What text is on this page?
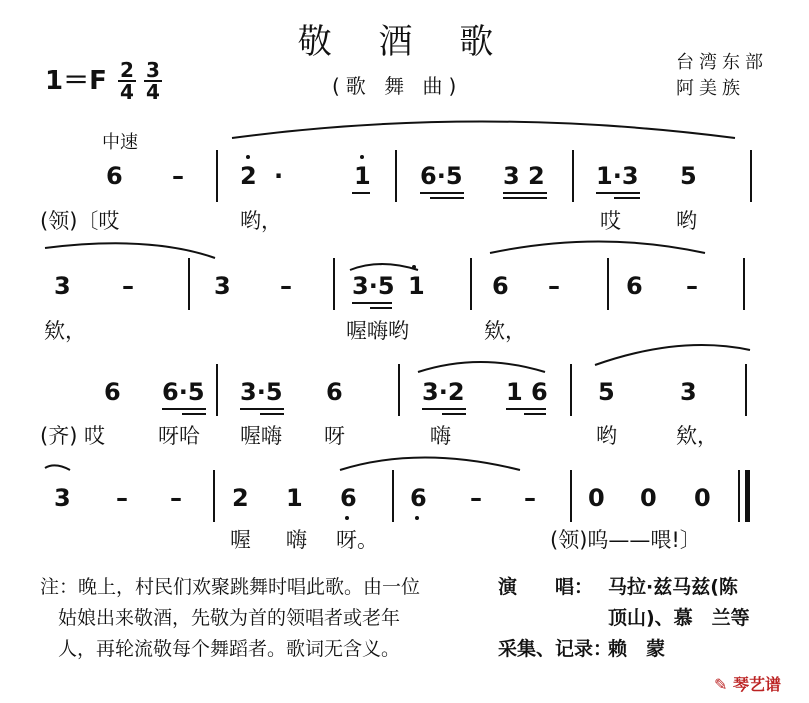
敬 酒 歌
(歌 舞 曲)
$1=F \frac{2}{4} \frac{3}{4}$	台湾东部
阿美族
中速
6 – 2 ·	1 6·5 3 2 1·3 5
(领)〔哎	哟，	哎	哟
3 –	3 –	3·5 1	6 –	6 –
欸，	喔嗨哟	欸，
6 6·5 3·5 6	3·2 1 6 5	3
(齐) 哎	呀哈 喔嗨 呀	嗨	哟	欸，
3 – – 2 1 6 6 – – 0 0 0
喔 嗨 呀。	(领)呜——喂!〕
注：晚上，村民们欢聚跳舞时唱此歌。由一位
姑娘出来敬酒，先敬为首的领唱者或老年
人，再轮流敬每个舞蹈者。歌词无含义。
演　　唱： 马拉·兹马兹(陈
顶山)、慕　兰等
采集、记录：
赖　蒙
✎ 琴艺谱
